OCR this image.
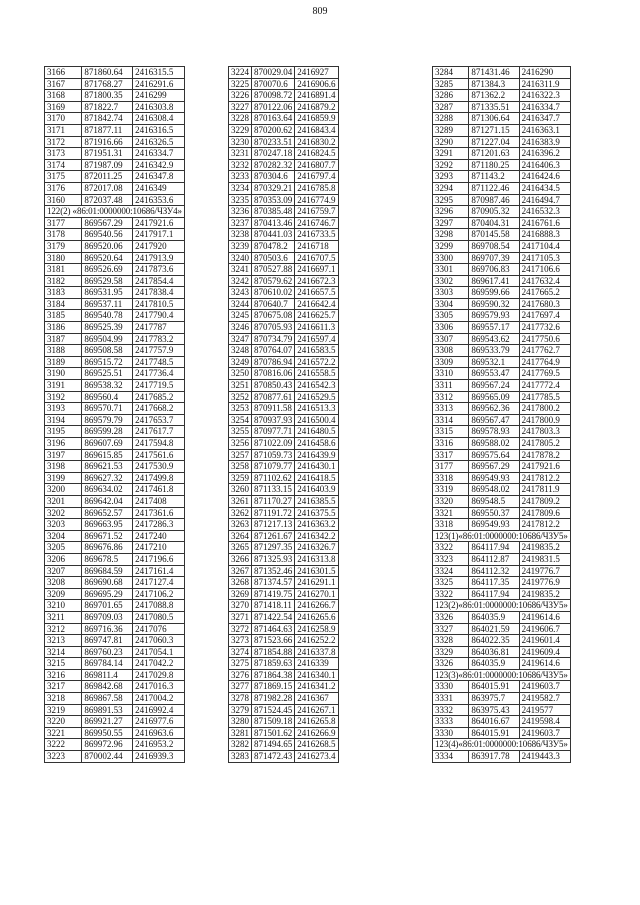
809
3166	871860.64	2416315.5
3167	871768.27	2416291.6
3168	871800.35	2416299
3169	871822.7	2416303.8
3170	871842.74	2416308.4
3171	871877.11	2416316.5
3172	871916.66	2416326.5
3173	871951.31	2416334.7
3174	871987.09	2416342.9
3175	872011.25	2416347.8
3176	872017.08	2416349
3160	872037.48	2416353.6
122(2) «86:01:0000000:10686/ЧЗУ4»		
3177	869567.29	2417921.6
3178	869540.56	2417917.1
3179	869520.06	2417920
3180	869520.64	2417913.9
3181	869526.69	2417873.6
3182	869529.58	2417854.4
3183	869531.95	2417838.4
3184	869537.11	2417810.5
3185	869540.78	2417790.4
3186	869525.39	2417787
3187	869504.99	2417783.2
3188	869508.58	2417757.9
3189	869515.72	2417748.5
3190	869525.51	2417736.4
3191	869538.32	2417719.5
3192	869560.4	2417685.2
3193	869570.71	2417668.2
3194	869579.79	2417653.7
3195	869599.28	2417617.7
3196	869607.69	2417594.8
3197	869615.85	2417561.6
3198	869621.53	2417530.9
3199	869627.32	2417499.8
3200	869634.02	2417461.8
3201	869642.04	2417408
3202	869652.57	2417361.6
3203	869663.95	2417286.3
3204	869671.52	2417240
3205	869676.86	2417210
3206	869678.5	2417196.6
3207	869684.59	2417161.4
3208	869690.68	2417127.4
3209	869695.29	2417106.2
3210	869701.65	2417088.8
3211	869709.03	2417080.5
3212	869716.36	2417076
3213	869747.81	2417060.3
3214	869760.23	2417054.1
3215	869784.14	2417042.2
3216	869811.4	2417029.8
3217	869842.68	2417016.3
3218	869867.58	2417004.2
3219	869891.53	2416992.4
3220	869921.27	2416977.6
3221	869950.55	2416963.6
3222	869972.96	2416953.2
3223	870002.44	2416939.3
3224	870029.04	2416927
3225	870070.6	2416906.6
3226	870098.72	2416891.4
3227	870122.06	2416879.2
3228	870163.64	2416859.9
3229	870200.62	2416843.4
3230	870233.51	2416830.2
3231	870247.18	2416824.5
3232	870282.32	2416807.7
3233	870304.6	2416797.4
3234	870329.21	2416785.8
3235	870353.09	2416774.9
3236	870385.48	2416759.7
3237	870413.46	2416746.7
3238	870441.03	2416733.5
3239	870478.2	2416718
3240	870503.6	2416707.5
3241	870527.88	2416697.1
3242	870579.62	2416672.3
3243	870610.02	2416657.5
3244	870640.7	2416642.4
3245	870675.08	2416625.7
3246	870705.93	2416611.3
3247	870734.79	2416597.4
3248	870764.07	2416583.5
3249	870786.94	2416572.2
3250	870816.06	2416558.5
3251	870850.43	2416542.3
3252	870877.61	2416529.5
3253	870911.58	2416513.3
3254	870937.93	2416500.4
3255	870977.71	2416480.5
3256	871022.09	2416458.6
3257	871059.73	2416439.9
3258	871079.77	2416430.1
3259	871102.62	2416418.5
3260	871133.15	2416403.9
3261	871170.27	2416385.5
3262	871191.72	2416375.5
3263	871217.13	2416363.2
3264	871261.67	2416342.2
3265	871297.35	2416326.7
3266	871325.93	2416313.8
3267	871352.46	2416301.5
3268	871374.57	2416291.1
3269	871419.75	2416270.1
3270	871418.11	2416266.7
3271	871422.54	2416265.6
3272	871464.63	2416258.9
3273	871523.66	2416252.2
3274	871854.88	2416337.8
3275	871859.63	2416339
3276	871864.38	2416340.1
3277	871869.15	2416341.2
3278	871982.28	2416367
3279	871524.45	2416267.1
3280	871509.18	2416265.8
3281	871501.62	2416266.9
3282	871494.65	2416268.5
3283	871472.43	2416273.4
3284	871431.46	2416290
3285	871384.3	2416311.9
3286	871362.2	2416322.3
3287	871335.51	2416334.7
3288	871306.64	2416347.7
3289	871271.15	2416363.1
3290	871227.04	2416383.9
3291	871201.63	2416396.2
3292	871180.25	2416406.3
3293	871143.2	2416424.6
3294	871122.46	2416434.5
3295	870987.46	2416494.7
3296	870905.32	2416532.3
3297	870404.31	2416761.6
3298	870145.58	2416888.3
3299	869708.54	2417104.4
3300	869707.39	2417105.3
3301	869706.83	2417106.6
3302	869617.41	2417632.4
3303	869599.66	2417665.2
3304	869590.32	2417680.3
3305	869579.93	2417697.4
3306	869557.17	2417732.6
3307	869543.62	2417750.6
3308	869533.79	2417762.7
3309	869532.1	2417764.9
3310	869553.47	2417769.5
3311	869567.24	2417772.4
3312	869565.09	2417785.5
3313	869562.36	2417800.2
3314	869567.47	2417800.9
3315	869578.93	2417803.3
3316	869588.02	2417805.2
3317	869575.64	2417878.2
3177	869567.29	2417921.6
3318	869549.93	2417812.2
3319	869548.02	2417811.9
3320	869548.5	2417809.2
3321	869550.37	2417809.6
3318	869549.93	2417812.2
123(1)«86:01:0000000:10686/ЧЗУ5»		
3322	864117.94	2419835.2
3323	864112.87	2419831.5
3324	864112.32	2419776.7
3325	864117.35	2419776.9
3322	864117.94	2419835.2
123(2)«86:01:0000000:10686/ЧЗУ5»		
3326	864035.9	2419614.6
3327	864021.59	2419606.7
3328	864022.35	2419601.4
3329	864036.81	2419609.4
3326	864035.9	2419614.6
123(3)«86:01:0000000:10686/ЧЗУ5»		
3330	864015.91	2419603.7
3331	863975.7	2419582.7
3332	863975.43	2419577
3333	864016.67	2419598.4
3330	864015.91	2419603.7
123(4)«86:01:0000000:10686/ЧЗУ5»		
3334	863917.78	2419443.3
